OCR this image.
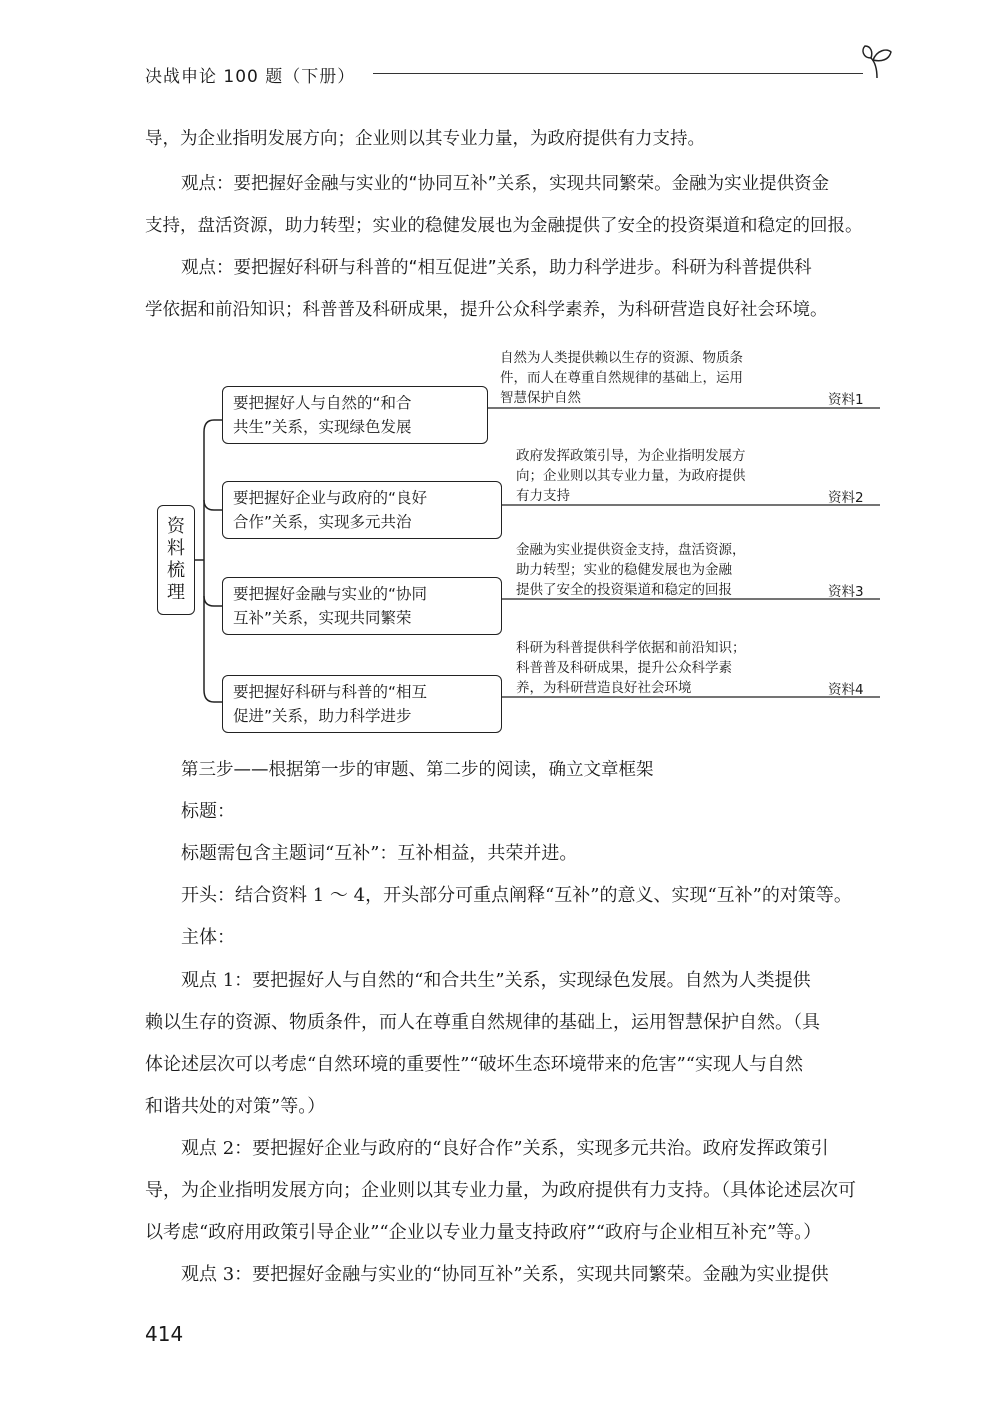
决战申论 100 题（下册）
导，为企业指明发展方向；企业则以其专业力量，为政府提供有力支持。
观点：要把握好金融与实业的“协同互补”关系，实现共同繁荣。金融为实业提供资金
支持，盘活资源，助力转型；实业的稳健发展也为金融提供了安全的投资渠道和稳定的回报。
观点：要把握好科研与科普的“相互促进”关系，助力科学进步。科研为科普提供科
学依据和前沿知识；科普普及科研成果，提升公众科学素养，为科研营造良好社会环境。
资
料
梳
理
要把握好人与自然的“和合
共生”关系，实现绿色发展
要把握好企业与政府的“良好
合作”关系，实现多元共治
要把握好金融与实业的“协同
互补”关系，实现共同繁荣
要把握好科研与科普的“相互
促进”关系，助力科学进步
自然为人类提供赖以生存的资源、物质条
件，而人在尊重自然规律的基础上，运用
智慧保护自然
政府发挥政策引导，为企业指明发展方
向；企业则以其专业力量，为政府提供
有力支持
金融为实业提供资金支持，盘活资源，
助力转型；实业的稳健发展也为金融
提供了安全的投资渠道和稳定的回报
科研为科普提供科学依据和前沿知识；
科普普及科研成果，提升公众科学素
养，为科研营造良好社会环境
资料1
资料2
资料3
资料4
第三步——根据第一步的审题、第二步的阅读，确立文章框架
标题：
标题需包含主题词“互补”：互补相益，共荣并进。
开头：结合资料 1 ～ 4，开头部分可重点阐释“互补”的意义、实现“互补”的对策等。
主体：
观点 1：要把握好人与自然的“和合共生”关系，实现绿色发展。自然为人类提供
赖以生存的资源、物质条件，而人在尊重自然规律的基础上，运用智慧保护自然。（具
体论述层次可以考虑“自然环境的重要性”“破坏生态环境带来的危害”“实现人与自然
和谐共处的对策”等。）
观点 2：要把握好企业与政府的“良好合作”关系，实现多元共治。政府发挥政策引
导，为企业指明发展方向；企业则以其专业力量，为政府提供有力支持。（具体论述层次可
以考虑“政府用政策引导企业”“企业以专业力量支持政府”“政府与企业相互补充”等。）
观点 3：要把握好金融与实业的“协同互补”关系，实现共同繁荣。金融为实业提供
414
